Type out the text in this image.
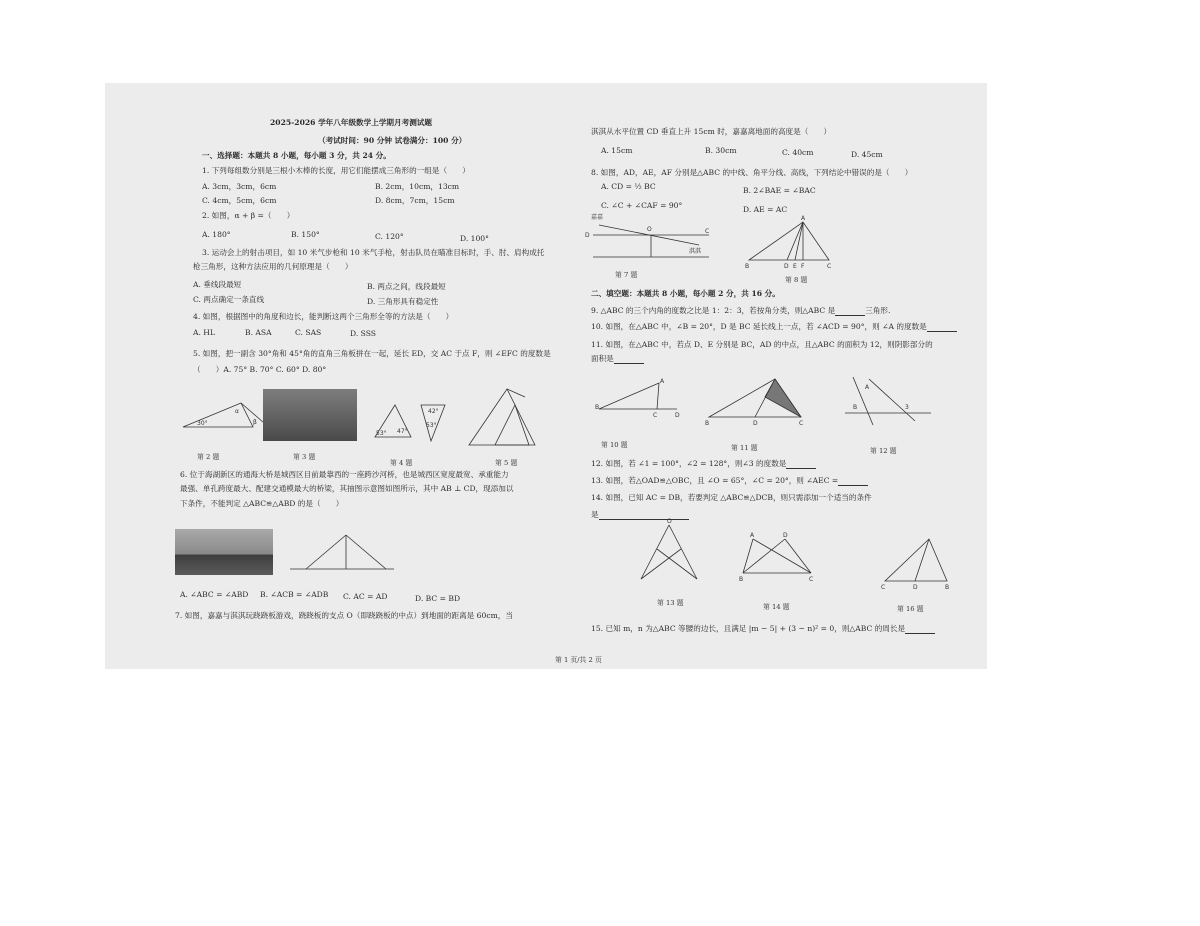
2025-2026 学年八年级数学上学期月考测试题
（考试时间：90 分钟 试卷满分：100 分）
一、选择题：本题共 8 小题，每小题 3 分，共 24 分。
1. 下列每组数分别是三根小木棒的长度，用它们能摆成三角形的一组是（　　）
A. 3cm，3cm，6cm	B. 2cm，10cm，13cm
C. 4cm，5cm，6cm	D. 8cm，7cm，15cm
2. 如图，α + β =（　　）
A. 180°	B. 150°	C. 120°	D. 100°
3. 运动会上的射击项目，如 10 米气步枪和 10 米气手枪，射击队员在瞄准目标时，手、肘、肩构成托
枪三角形，这种方法应用的几何原理是（　　）
A. 垂线段最短	B. 两点之间，线段最短
C. 两点确定一条直线	D. 三角形具有稳定性
4. 如图，根据图中的角度和边长，能判断这两个三角形全等的方法是（　　）
A. HL	B. ASA	C. SAS	D. SSS
5. 如图，把一副含 30°角和 45°角的直角三角板拼在一起，延长 ED，交 AC 于点 F，则 ∠EFC 的度数是
（　　）A. 75° B. 70° C. 60° D. 80°
30°
α
β
第 2 题	第 3 题
53° 47°
42°
53°
第 4 题	第 5 题
6. 位于海湖新区的通海大桥是城西区目前最靠西的一座跨沙河桥，也是城西区宽度最宽、承重能力
最强、单孔跨度最大、配建交通模最大的桥梁，其抽图示意图如图所示，其中 AB ⊥ CD，现添加以
下条件，不能判定 △ABC≌△ABD 的是（　　）
A. ∠ABC = ∠ABD B. ∠ACB = ∠ADB C. AC = AD	D. BC = BD
7. 如图，嘉嘉与淇淇玩跷跷板游戏，跷跷板的支点 O（即跷跷板的中点）到地面的距离是 60cm，当
淇淇从水平位置 CD 垂直上升 15cm 时，嘉嘉离地面的高度是（　　）
A. 15cm	B. 30cm	C. 40cm	D. 45cm
8. 如图，AD，AE，AF 分别是△ABC 的中线、角平分线、高线，下列结论中错误的是（　　）
A. CD = ½ BC	B. 2∠BAE = ∠BAC
C. ∠C + ∠CAF = 90°	D. AE = AC
嘉嘉
淇淇
O
D
C
第 7 题
A
B	D E F	C
第 8 题
二、填空题：本题共 8 小题，每小题 2 分，共 16 分。
9. △ABC 的三个内角的度数之比是 1：2：3，若按角分类，则△ABC 是	三角形.
10. 如图，在△ABC 中，∠B = 20°，D 是 BC 延长线上一点，若 ∠ACD = 90°，则 ∠A 的度数是
11. 如图，在△ABC 中，若点 D、E 分别是 BC，AD 的中点，且△ABC 的面积为 12，则阴影部分的
面积是
B
A
C	D
第 10 题
B	D	C
第 11 题
A
B	3
第 12 题
12. 如图，若 ∠1 = 100°，∠2 = 128°，则∠3 的度数是
13. 如图，若△OAD≌△OBC，且 ∠O = 65°，∠C = 20°，则 ∠AEC =
14. 如图，已知 AC = DB，若要判定 △ABC≌△DCB，则只需添加一个适当的条件
是
O
第 13 题
A	D
B	C
第 14 题
C	D	B
第 16 题
15. 已知 m，n 为△ABC 等腰的边长，且满足 |m − 5| + (3 − n)² = 0，则△ABC 的周长是
第 1 页/共 2 页
